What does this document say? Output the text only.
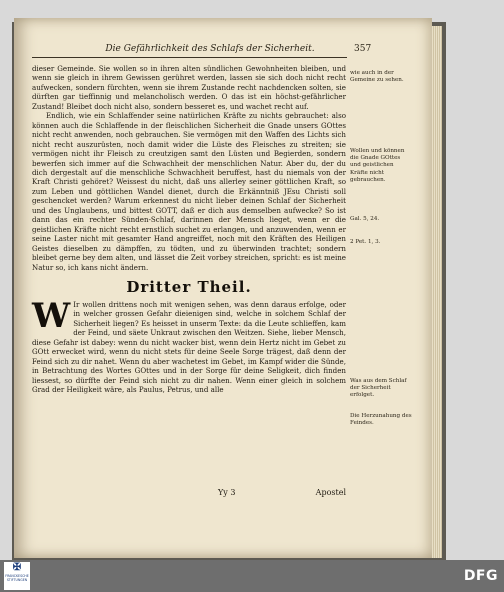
Die Gefährlichkeit des Schlafs der Sicherheit.	357

dieser Gemeinde. Sie wollen so in ihren alten sündlichen Gewohnheiten bleiben, und wenn sie gleich in ihrem Gewissen gerühret werden, lassen sie sich doch nicht recht aufwecken, sondern fürchten, wenn sie ihrem Zustande recht nachdencken solten, sie dürften gar tieffinnig und melancholisch werden. O das ist ein höchst-gefährlicher Zustand! Bleibet doch nicht also, sondern besseret es, und wachet recht auf.

Endlich, wie ein Schlaffender seine natürlichen Kräfte zu nichts gebrauchet: also können auch die Schlaffende in der fleischlichen Sicherheit die Gnade unsers GOttes nicht recht anwenden, noch gebrauchen. Sie vermögen mit den Waffen des Lichts sich nicht recht auszurüsten, noch damit wider die Lüste des Fleisches zu streiten; sie vermögen nicht ihr Fleisch zu creutzigen samt den Lüsten und Begierden, sondern bewerfen sich immer auf die Schwachheit der menschlichen Natur. Aber du, der du dich dergestalt auf die menschliche Schwachheit beruffest, hast du niemals von der Kraft Christi gehöret? Weissest du nicht, daß uns allerley seiner göttlichen Kraft, so zum Leben und göttlichen Wandel dienet, durch die Erkänntniß JEsu Christi soll geschencket werden? Warum erkennest du nicht lieber deinen Schlaf der Sicherheit und des Unglaubens, und bittest GOTT, daß er dich aus demselben aufwecke? So ist dann das ein rechter Sünden-Schlaf, darinnen der Mensch lieget, wenn er die geistlichen Kräfte nicht recht ernstlich suchet zu erlangen, und anzuwenden, wenn er seine Laster nicht mit gesamter Hand angreiffet, noch mit den Kräften des Heiligen Geistes dieselben zu dämpffen, zu tödten, und zu überwinden trachtet; sondern bleibet gerne bey dem alten, und lässet die Zeit vorbey streichen, spricht: es ist meine Natur so, ich kans nicht ändern.

Dritter Theil.

W Ir wollen drittens noch mit wenigen sehen, was denn daraus erfolge, oder in welcher grossen Gefahr dieienigen sind, welche in solchem Schlaf der Sicherheit liegen? Es heisset in unserm Texte: da die Leute schlieffen, kam der Feind, und säete Unkraut zwischen den Weitzen. Siehe, lieber Mensch, diese Gefahr ist dabey: wenn du nicht wacker bist, wenn dein Hertz nicht im Gebet zu GOtt erwecket wird, wenn du nicht stets für deine Seele Sorge trägest, daß denn der Feind sich zu dir nahet. Wenn du aber wachetest im Gebet, im Kampf wider die Sünde, in Betrachtung des Wortes GOttes und in der Sorge für deine Seligkeit, dich finden liessest, so dürffte der Feind sich nicht zu dir nahen. Wenn einer gleich in solchem Grad der Heiligkeit wäre, als Paulus, Petrus, und alle

wie auch in der Gemeine zu sehen.
Wollen und können die Gnade GOttes und geistlichen Kräfte nicht gebrauchen.
Gal. 5, 24.
2 Pet. 1, 3.
Was aus dem Schlaf der Sicherheit erfolget.
Die Herzunahung des Feindes.
Yy 3	Apostel
✠
FRANCKESCHE STIFTUNGEN	DFG
